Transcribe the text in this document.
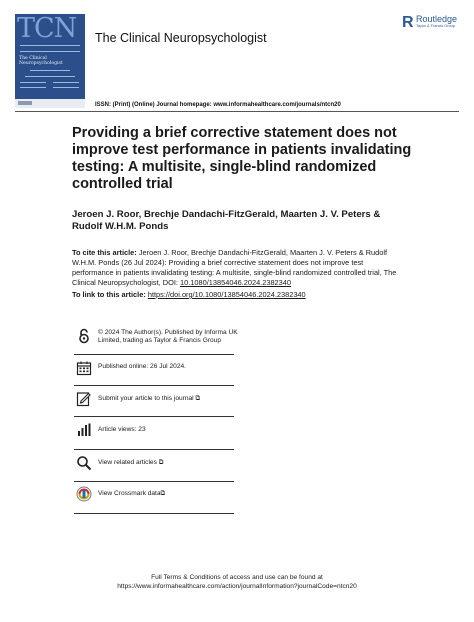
TCN
The Clinical Neuropsychologist
The Clinical Neuropsychologist
R Routledge
Taylor & Francis Group
ISSN: (Print) (Online) Journal homepage: www.informahealthcare.com/journals/ntcn20
Providing a brief corrective statement does not improve test performance in patients invalidating testing: A multisite, single-blind randomized controlled trial
Jeroen J. Roor, Brechje Dandachi-FitzGerald, Maarten J. V. Peters & Rudolf W.H.M. Ponds
To cite this article: Jeroen J. Roor, Brechje Dandachi-FitzGerald, Maarten J. V. Peters & Rudolf W.H.M. Ponds (26 Jul 2024): Providing a brief corrective statement does not improve test performance in patients invalidating testing: A multisite, single-blind randomized controlled trial, The Clinical Neuropsychologist, DOI: 10.1080/13854046.2024.2382340
To link to this article: https://doi.org/10.1080/13854046.2024.2382340
© 2024 The Author(s). Published by Informa UK Limited, trading as Taylor & Francis Group
Published online: 26 Jul 2024.
Submit your article to this journal ⧉
Article views: 23
View related articles ⧉
View Crossmark data⧉
Full Terms & Conditions of access and use can be found at
https://www.informahealthcare.com/action/journalInformation?journalCode=ntcn20
